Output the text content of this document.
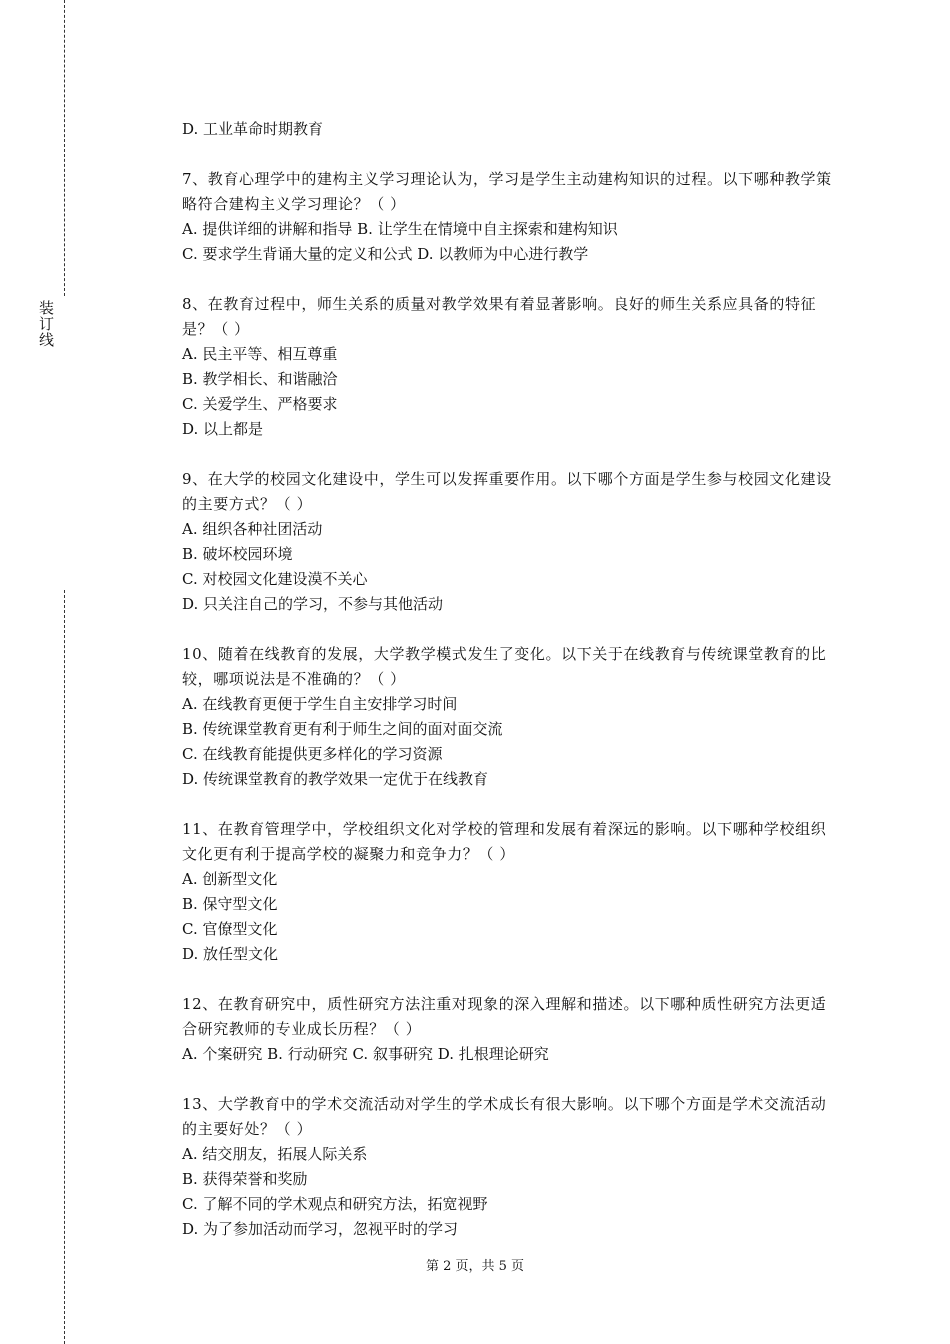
装订线

D. 工业革命时期教育

7、教育心理学中的建构主义学习理论认为，学习是学生主动建构知识的过程。以下哪种教学策略符合建构主义学习理论？（ ）

A. 提供详细的讲解和指导 B. 让学生在情境中自主探索和建构知识

C. 要求学生背诵大量的定义和公式 D. 以教师为中心进行教学

8、在教育过程中，师生关系的质量对教学效果有着显著影响。良好的师生关系应具备的特征是？（ ）

A. 民主平等、相互尊重

B. 教学相长、和谐融洽

C. 关爱学生、严格要求

D. 以上都是

9、在大学的校园文化建设中，学生可以发挥重要作用。以下哪个方面是学生参与校园文化建设的主要方式？（ ）

A. 组织各种社团活动

B. 破坏校园环境

C. 对校园文化建设漠不关心

D. 只关注自己的学习，不参与其他活动

10、随着在线教育的发展，大学教学模式发生了变化。以下关于在线教育与传统课堂教育的比较，哪项说法是不准确的？（ ）

A. 在线教育更便于学生自主安排学习时间

B. 传统课堂教育更有利于师生之间的面对面交流

C. 在线教育能提供更多样化的学习资源

D. 传统课堂教育的教学效果一定优于在线教育

11、在教育管理学中，学校组织文化对学校的管理和发展有着深远的影响。以下哪种学校组织文化更有利于提高学校的凝聚力和竞争力？（ ）

A. 创新型文化

B. 保守型文化

C. 官僚型文化

D. 放任型文化

12、在教育研究中，质性研究方法注重对现象的深入理解和描述。以下哪种质性研究方法更适合研究教师的专业成长历程？（ ）

A. 个案研究 B. 行动研究 C. 叙事研究 D. 扎根理论研究

13、大学教育中的学术交流活动对学生的学术成长有很大影响。以下哪个方面是学术交流活动的主要好处？（ ）

A. 结交朋友，拓展人际关系

B. 获得荣誉和奖励

C. 了解不同的学术观点和研究方法，拓宽视野

D. 为了参加活动而学习，忽视平时的学习

第 2 页，共 5 页
